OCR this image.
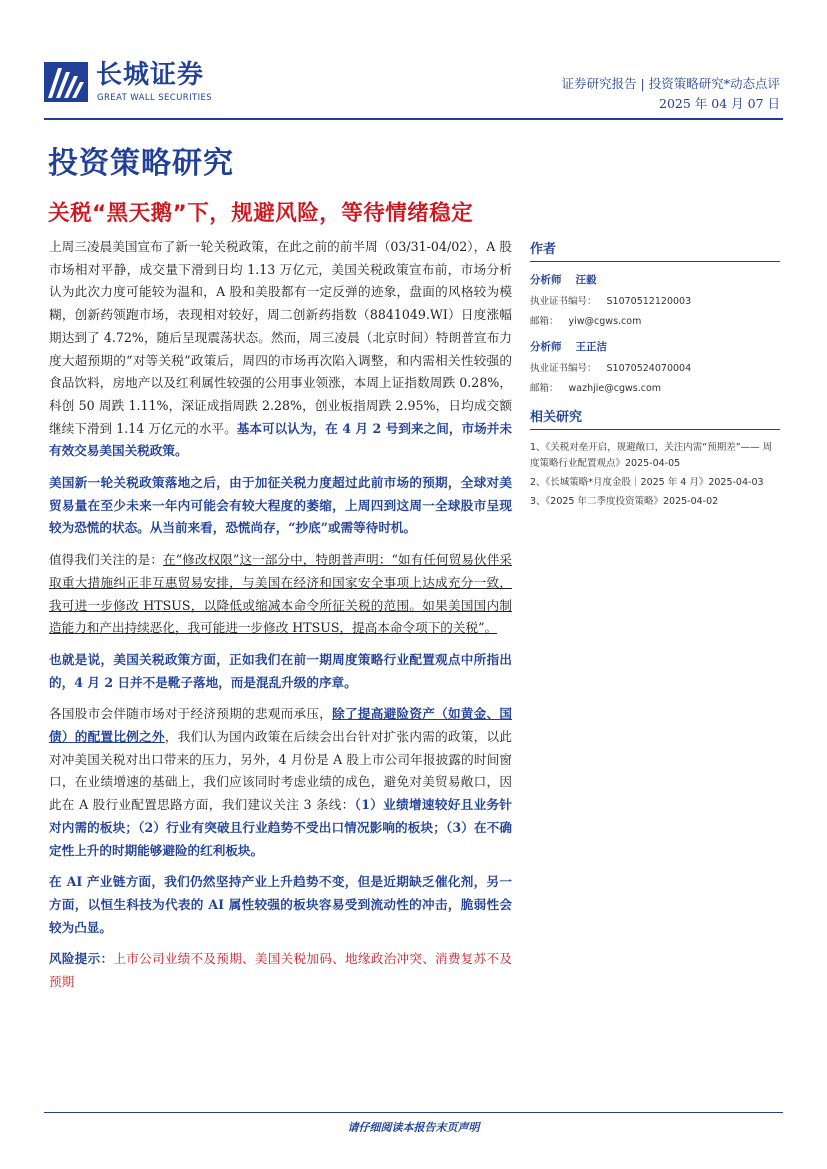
长城证券
GREAT WALL SECURITIES
证券研究报告 | 投资策略研究*动态点评
2025 年 04 月 07 日
投资策略研究
关税“黑天鹅”下，规避风险，等待情绪稳定

上周三凌晨美国宣布了新一轮关税政策，在此之前的前半周（03/31-04/02），A 股市场相对平静，成交量下滑到日均 1.13 万亿元，美国关税政策宣布前，市场分析认为此次力度可能较为温和，A 股和美股都有一定反弹的迹象，盘面的风格较为模糊，创新药领跑市场，表现相对较好，周二创新药指数（8841049.WI）日度涨幅期达到了 4.72%，随后呈现震荡状态。然而，周三凌晨（北京时间）特朗普宣布力度大超预期的“对等关税”政策后，周四的市场再次陷入调整，和内需相关性较强的食品饮料，房地产以及红利属性较强的公用事业领涨，本周上证指数周跌 0.28%，科创 50 周跌 1.11%，深证成指周跌 2.28%，创业板指周跌 2.95%，日均成交额继续下滑到 1.14 万亿元的水平。基本可以认为，在 4 月 2 号到来之间，市场并未有效交易美国关税政策。

美国新一轮关税政策落地之后，由于加征关税力度超过此前市场的预期，全球对美贸易量在至少未来一年内可能会有较大程度的萎缩，上周四到这周一全球股市呈现较为恐慌的状态。从当前来看，恐慌尚存，“抄底”或需等待时机。

值得我们关注的是：在“修改权限”这一部分中，特朗普声明：“如有任何贸易伙伴采取重大措施纠正非互惠贸易安排，与美国在经济和国家安全事项上达成充分一致，我可进一步修改 HTSUS，以降低或缩减本命令所征关税的范围。如果美国国内制造能力和产出持续恶化，我可能进一步修改 HTSUS，提高本命令项下的关税”。

也就是说，美国关税政策方面，正如我们在前一期周度策略行业配置观点中所指出的，4 月 2 日并不是靴子落地，而是混乱升级的序章。

各国股市会伴随市场对于经济预期的悲观而承压，除了提高避险资产（如黄金、国债）的配置比例之外，我们认为国内政策在后续会出台针对扩张内需的政策，以此对冲美国关税对出口带来的压力，另外，4 月份是 A 股上市公司年报披露的时间窗口，在业绩增速的基础上，我们应该同时考虑业绩的成色，避免对美贸易敞口，因此在 A 股行业配置思路方面，我们建议关注 3 条线：（1）业绩增速较好且业务针对内需的板块；（2）行业有突破且行业趋势不受出口情况影响的板块；（3）在不确定性上升的时期能够避险的红利板块。

在 AI 产业链方面，我们仍然坚持产业上升趋势不变，但是近期缺乏催化剂，另一方面，以恒生科技为代表的 AI 属性较强的板块容易受到流动性的冲击，脆弱性会较为凸显。

风险提示：上市公司业绩不及预期、美国关税加码、地缘政治冲突、消费复苏不及预期

作者
分析师 汪毅
执业证书编号： S1070512120003
邮箱： yiw@cgws.com
分析师 王正洁
执业证书编号： S1070524070004
邮箱： wazhjie@cgws.com
相关研究
1、《关税对垒开启，规避敞口，关注内需“预期差”—— 周度策略行业配置观点》2025-04-05
2、《长城策略*月度金股｜2025 年 4 月》2025-04-03
3、《2025 年二季度投资策略》2025-04-02
请仔细阅读本报告末页声明
